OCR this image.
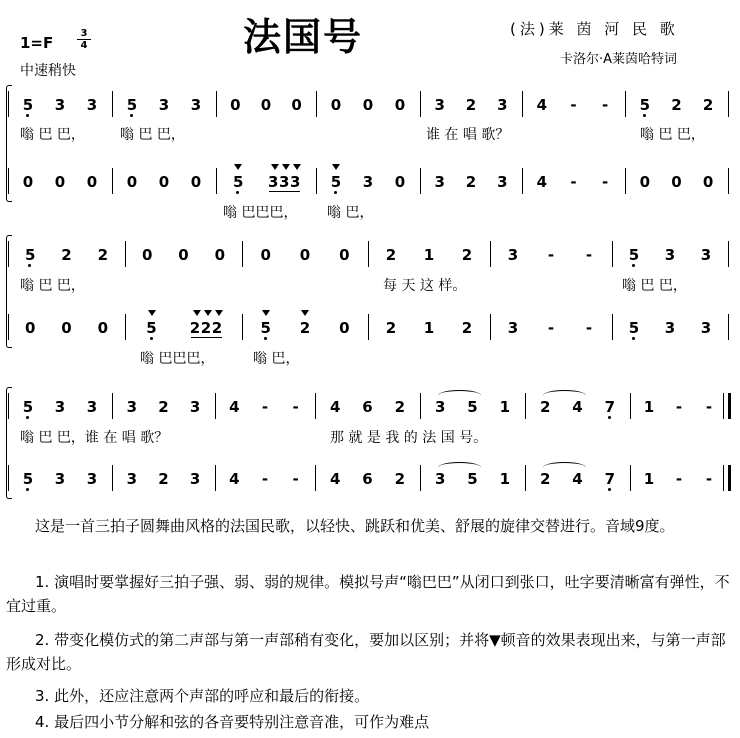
法国号
1=F
3
4
中速稍快
(法)莱 茵 河 民 歌
卡洛尔·A莱茵哈特词
5 3 3 5 3 3 0 0 0 0 0 0 3 2 3 4 - - 5 2 2
0 0 0 0 0 0 5 3 3 3 5 3 0 3 2 3 4 - - 0 0 0
5 2 2 0 0 0 0 0 0 2 1 2 3 - - 5 3 3
0 0 0	5 2 2 2	5 2 0 2 1 2 3 - - 5 3 3
5 3 3 3 2 3 4 - - 4 6 2 3 5 1 2 4 7 1 - -
5 3 3 3 2 3 4 - - 4 6 2 3 5 1 2 4 7 1 - -
嗡 巴 巴，	嗡 巴 巴，	谁 在 唱 歌？	嗡 巴 巴，
嗡 巴巴巴， 嗡 巴，
嗡 巴 巴，	每 天 这 样。	嗡 巴 巴，
嗡 巴巴巴，	嗡 巴，
嗡 巴 巴，谁 在 唱 歌？	那 就 是 我 的 法 国 号。
这是一首三拍子圆舞曲风格的法国民歌，以轻快、跳跃和优美、舒展的旋律交替进行。音域9度。
1. 演唱时要掌握好三拍子强、弱、弱的规律。模拟号声“嗡巴巴”从闭口到张口，吐字要清晰富有弹性，不宜过重。
2. 带变化模仿式的第二声部与第一声部稍有变化，要加以区别；并将▼顿音的效果表现出来，与第一声部形成对比。
3. 此外，还应注意两个声部的呼应和最后的衔接。
4. 最后四小节分解和弦的各音要特别注意音准，可作为难点
